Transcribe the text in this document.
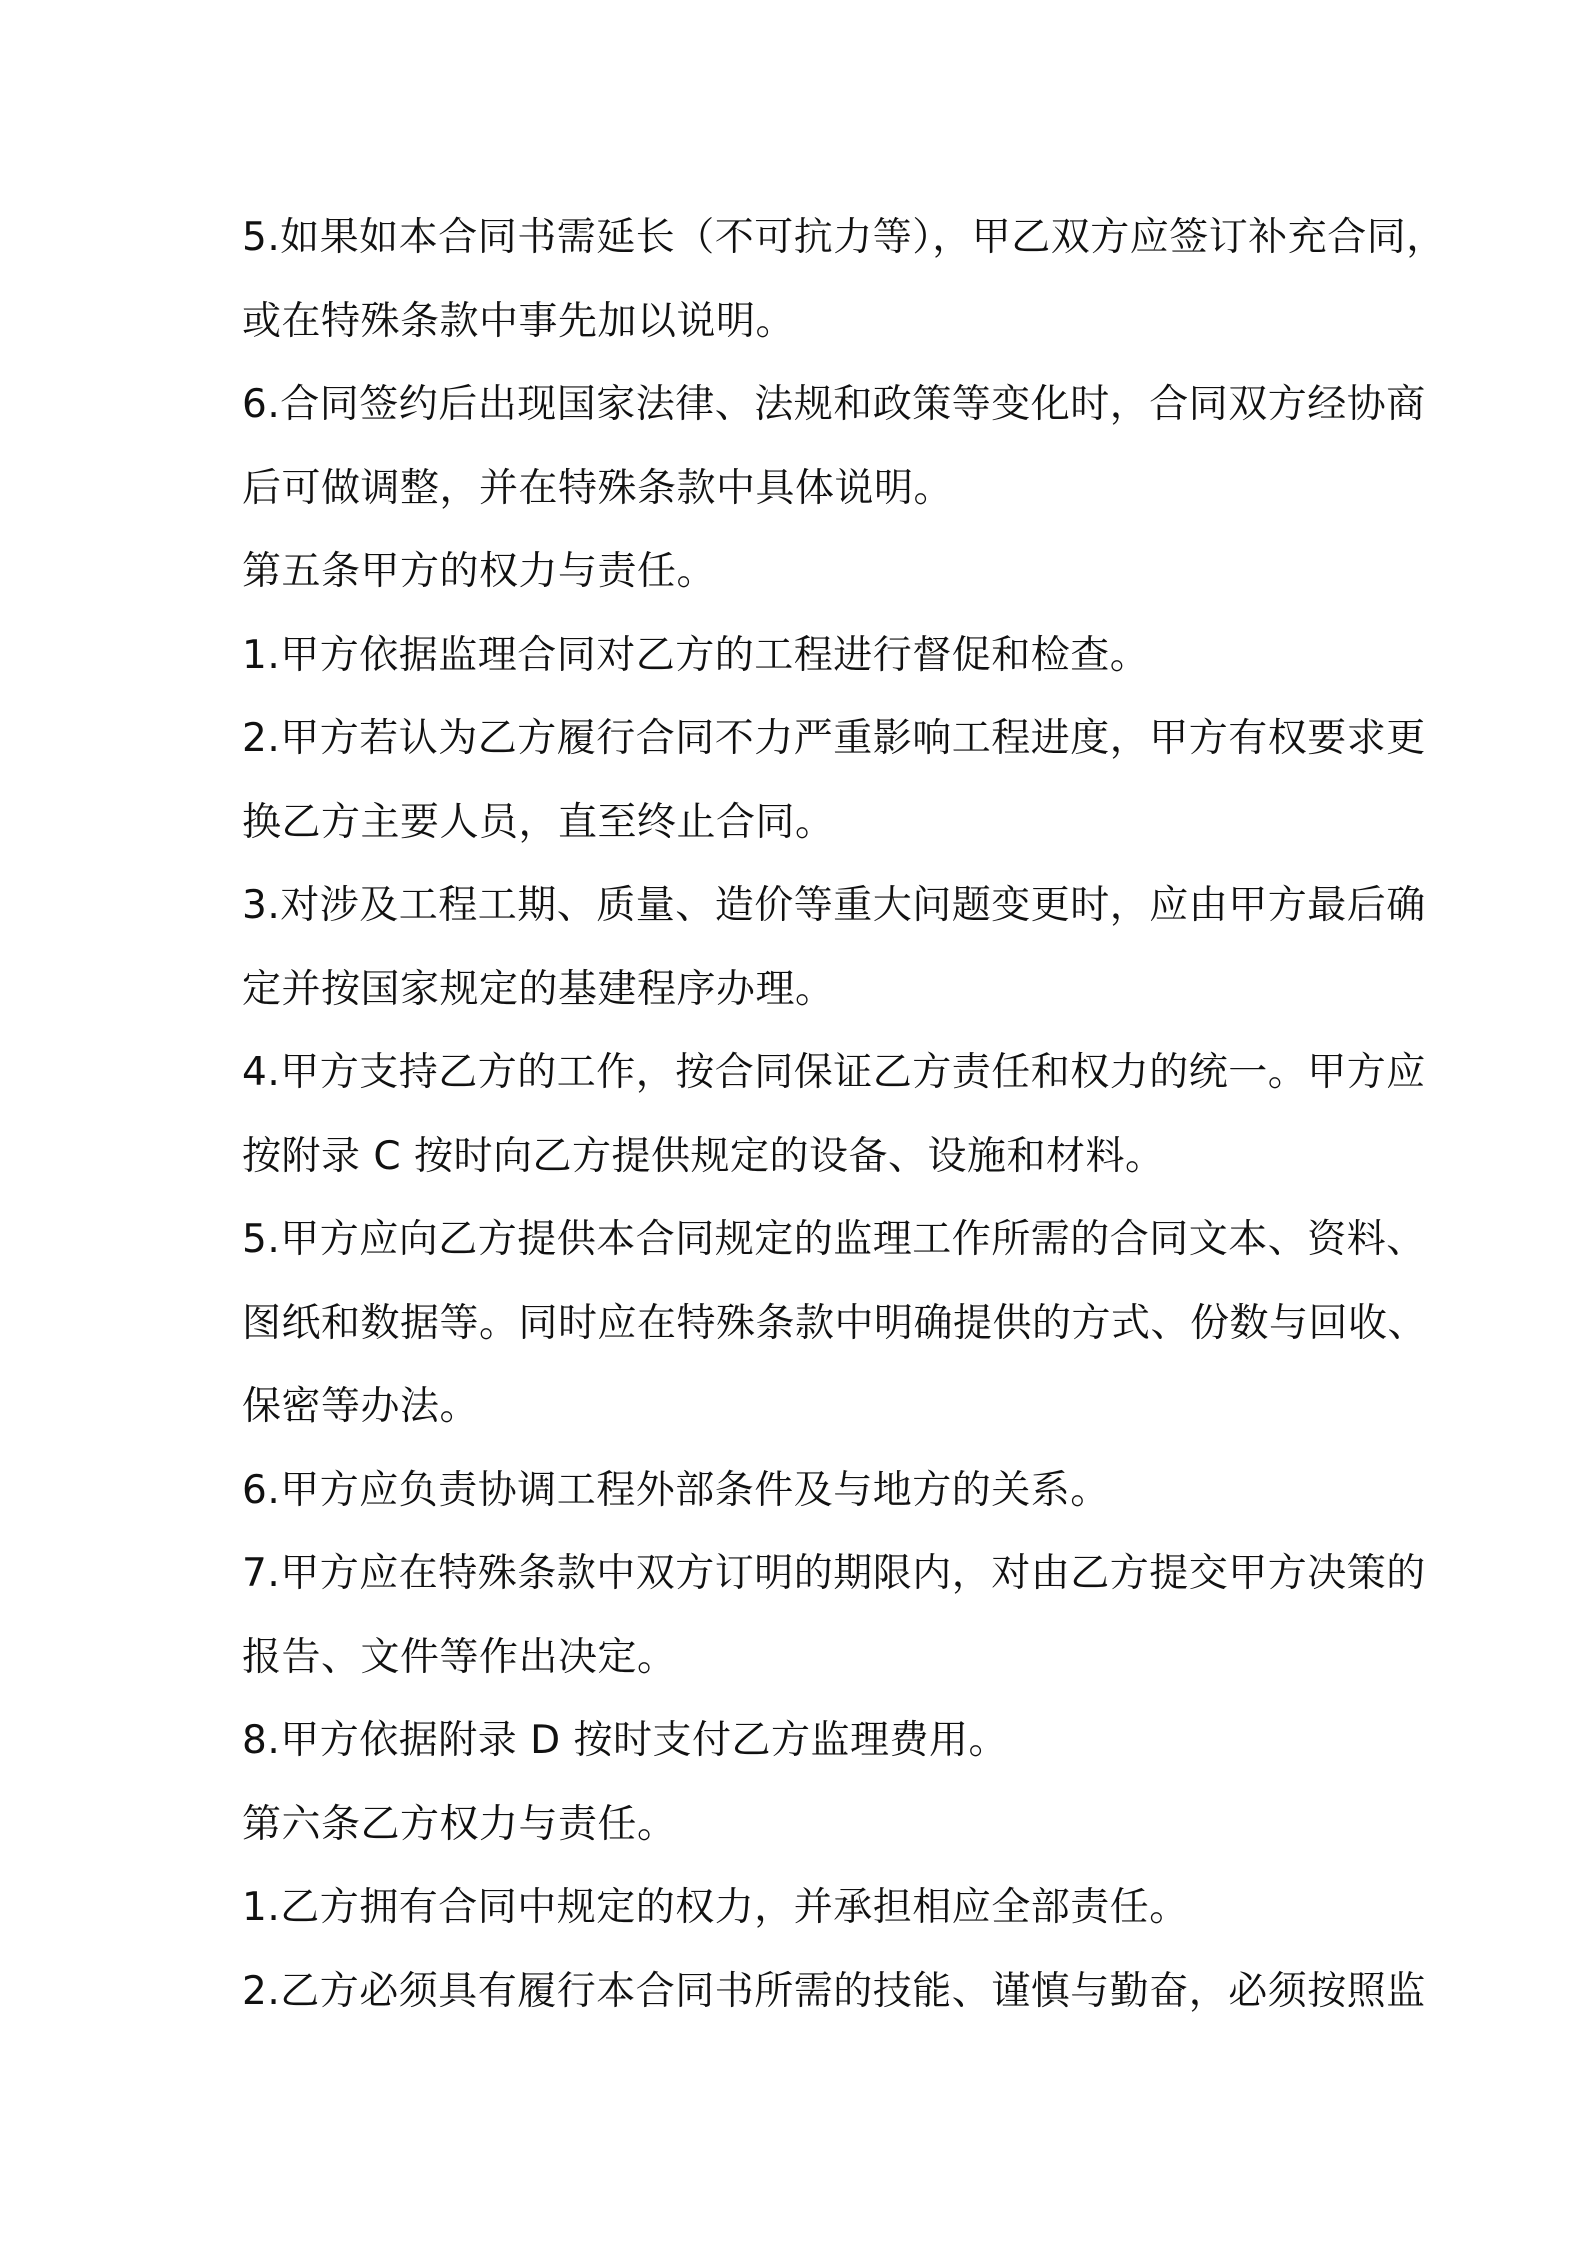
5.如果如本合同书需延长（不可抗力等），甲乙双方应签订补充合同，
或在特殊条款中事先加以说明。
6.合同签约后出现国家法律、法规和政策等变化时，合同双方经协商
后可做调整，并在特殊条款中具体说明。
第五条甲方的权力与责任。
1.甲方依据监理合同对乙方的工程进行督促和检查。
2.甲方若认为乙方履行合同不力严重影响工程进度，甲方有权要求更
换乙方主要人员，直至终止合同。
3.对涉及工程工期、质量、造价等重大问题变更时，应由甲方最后确
定并按国家规定的基建程序办理。
4.甲方支持乙方的工作，按合同保证乙方责任和权力的统一。甲方应
按附录 C 按时向乙方提供规定的设备、设施和材料。
5.甲方应向乙方提供本合同规定的监理工作所需的合同文本、资料、
图纸和数据等。同时应在特殊条款中明确提供的方式、份数与回收、
保密等办法。
6.甲方应负责协调工程外部条件及与地方的关系。
7.甲方应在特殊条款中双方订明的期限内，对由乙方提交甲方决策的
报告、文件等作出决定。
8.甲方依据附录 D 按时支付乙方监理费用。
第六条乙方权力与责任。
1.乙方拥有合同中规定的权力，并承担相应全部责任。
2.乙方必须具有履行本合同书所需的技能、谨慎与勤奋，必须按照监
